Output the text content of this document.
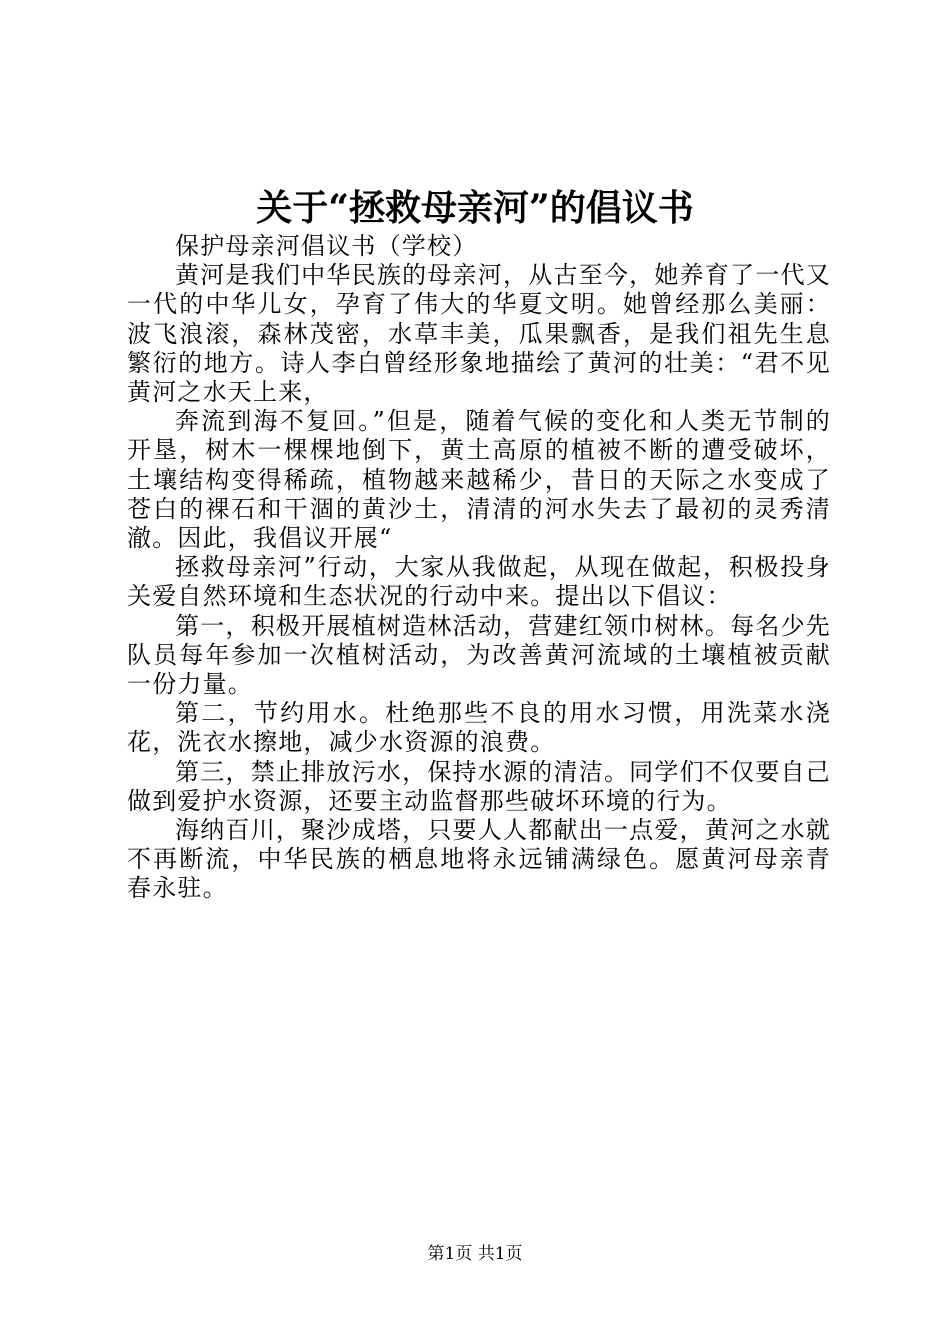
关于“拯救母亲河”的倡议书

保护母亲河倡议书（学校）

黄河是我们中华民族的母亲河，从古至今，她养育了一代又一代的中华儿女，孕育了伟大的华夏文明。她曾经那么美丽：波飞浪滚，森林茂密，水草丰美，瓜果飘香，是我们祖先生息繁衍的地方。诗人李白曾经形象地描绘了黄河的壮美：“君不见黄河之水天上来，

奔流到海不复回。”但是，随着气候的变化和人类无节制的开垦，树木一棵棵地倒下，黄土高原的植被不断的遭受破坏，土壤结构变得稀疏，植物越来越稀少，昔日的天际之水变成了苍白的裸石和干涸的黄沙土，清清的河水失去了最初的灵秀清澈。因此，我倡议开展“

拯救母亲河”行动，大家从我做起，从现在做起，积极投身关爱自然环境和生态状况的行动中来。提出以下倡议：

第一，积极开展植树造林活动，营建红领巾树林。每名少先队员每年参加一次植树活动，为改善黄河流域的土壤植被贡献一份力量。

第二，节约用水。杜绝那些不良的用水习惯，用洗菜水浇花，洗衣水擦地，减少水资源的浪费。

第三，禁止排放污水，保持水源的清洁。同学们不仅要自己做到爱护水资源，还要主动监督那些破坏环境的行为。

海纳百川，聚沙成塔，只要人人都献出一点爱，黄河之水就不再断流，中华民族的栖息地将永远铺满绿色。愿黄河母亲青春永驻。

第1页 共1页
